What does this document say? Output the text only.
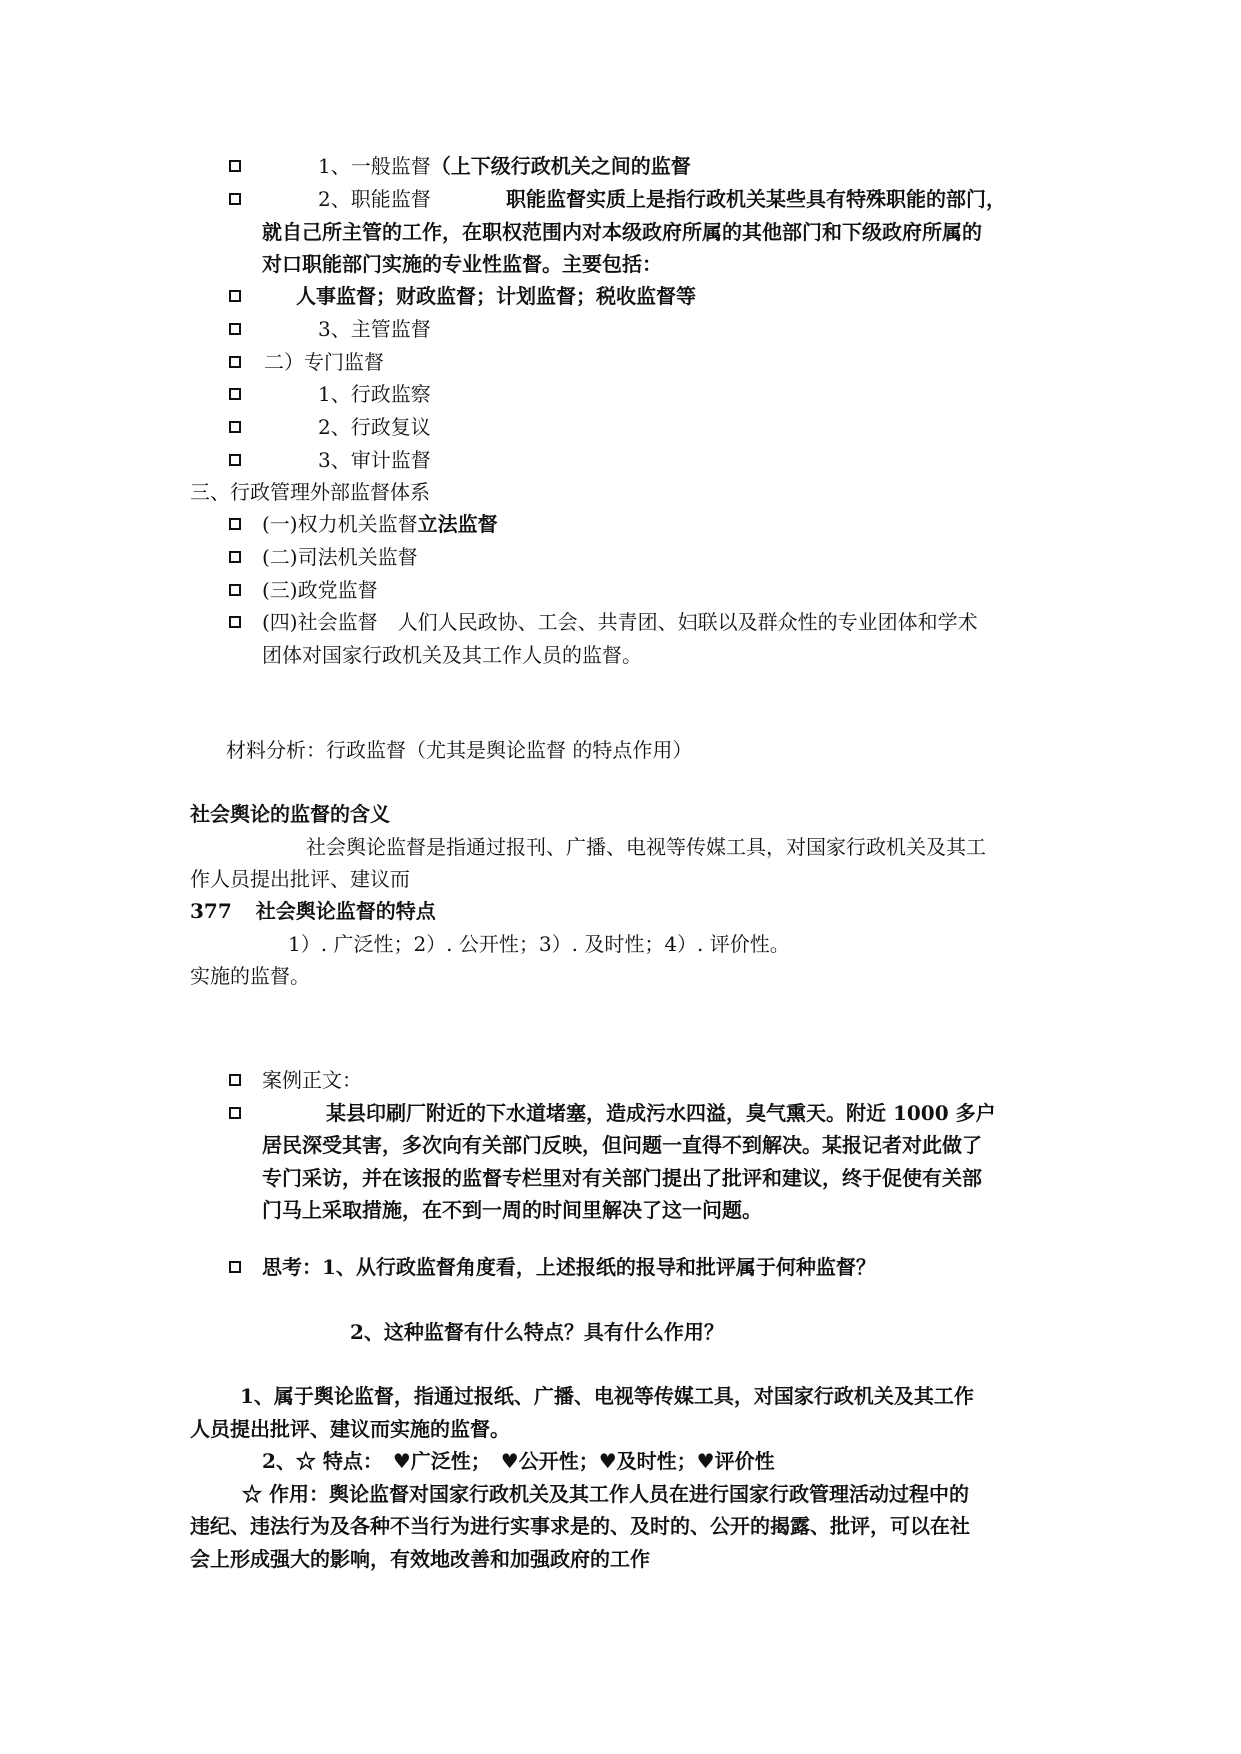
1、一般监督（上下级行政机关之间的监督
2、职能监督	职能监督实质上是指行政机关某些具有特殊职能的部门，
就自己所主管的工作，在职权范围内对本级政府所属的其他部门和下级政府所属的
对口职能部门实施的专业性监督。主要包括：
人事监督；财政监督；计划监督；税收监督等
3、主管监督
二）专门监督
1、行政监察
2、行政复议
3、审计监督
三、行政管理外部监督体系
(一)权力机关监督立法监督
(二)司法机关监督
(三)政党监督
(四)社会监督　人们人民政协、工会、共青团、妇联以及群众性的专业团体和学术
团体对国家行政机关及其工作人员的监督。
材料分析：行政监督（尤其是舆论监督 的特点作用）
社会舆论的监督的含义
社会舆论监督是指通过报刊、广播、电视等传媒工具，对国家行政机关及其工
作人员提出批评、建议而
377 社会舆论监督的特点
1）. 广泛性；2）. 公开性；3）. 及时性；4）. 评价性。
实施的监督。
案例正文：
某县印刷厂附近的下水道堵塞，造成污水四溢，臭气熏天。附近 1000 多户
居民深受其害，多次向有关部门反映，但问题一直得不到解决。某报记者对此做了
专门采访，并在该报的监督专栏里对有关部门提出了批评和建议，终于促使有关部
门马上采取措施，在不到一周的时间里解决了这一问题。
思考：1、从行政监督角度看，上述报纸的报导和批评属于何种监督？
2、这种监督有什么特点？具有什么作用？
1、属于舆论监督，指通过报纸、广播、电视等传媒工具，对国家行政机关及其工作
人员提出批评、建议而实施的监督。
2、☆ 特点：　♥广泛性；　♥公开性；♥及时性；♥评价性
☆ 作用：舆论监督对国家行政机关及其工作人员在进行国家行政管理活动过程中的
违纪、违法行为及各种不当行为进行实事求是的、及时的、公开的揭露、批评，可以在社
会上形成强大的影响，有效地改善和加强政府的工作
